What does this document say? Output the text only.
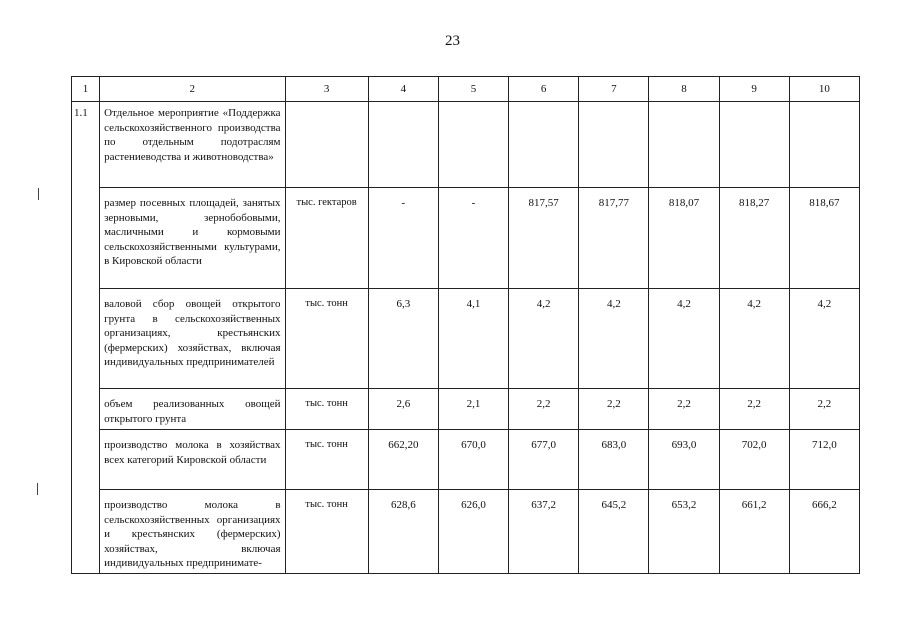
23
1	2	3	4	5	6	7	8	9	10
1.1	Отдельное мероприятие «Поддержка сельскохозяйственного производства по отдельным подотраслям растениеводства и животноводства»								
	размер посевных площадей, занятых зерновыми, зернобобовыми, масличными и кормовыми сельскохозяйственными культурами, в Кировской области	тыс. гектаров	-	-	817,57	817,77	818,07	818,27	818,67
	валовой сбор овощей открытого грунта в сельскохозяйственных организациях, крестьянских (фермерских) хозяйствах, включая индивидуальных предпринимателей	тыс. тонн	6,3	4,1	4,2	4,2	4,2	4,2	4,2
	объем реализованных овощей открытого грунта	тыс. тонн	2,6	2,1	2,2	2,2	2,2	2,2	2,2
	производство молока в хозяйствах всех категорий Кировской области	тыс. тонн	662,20	670,0	677,0	683,0	693,0	702,0	712,0
	производство молока в сельскохозяйственных организациях и крестьянских (фермерских) хозяйствах, включая индивидуальных предпринимате-	тыс. тонн	628,6	626,0	637,2	645,2	653,2	661,2	666,2
